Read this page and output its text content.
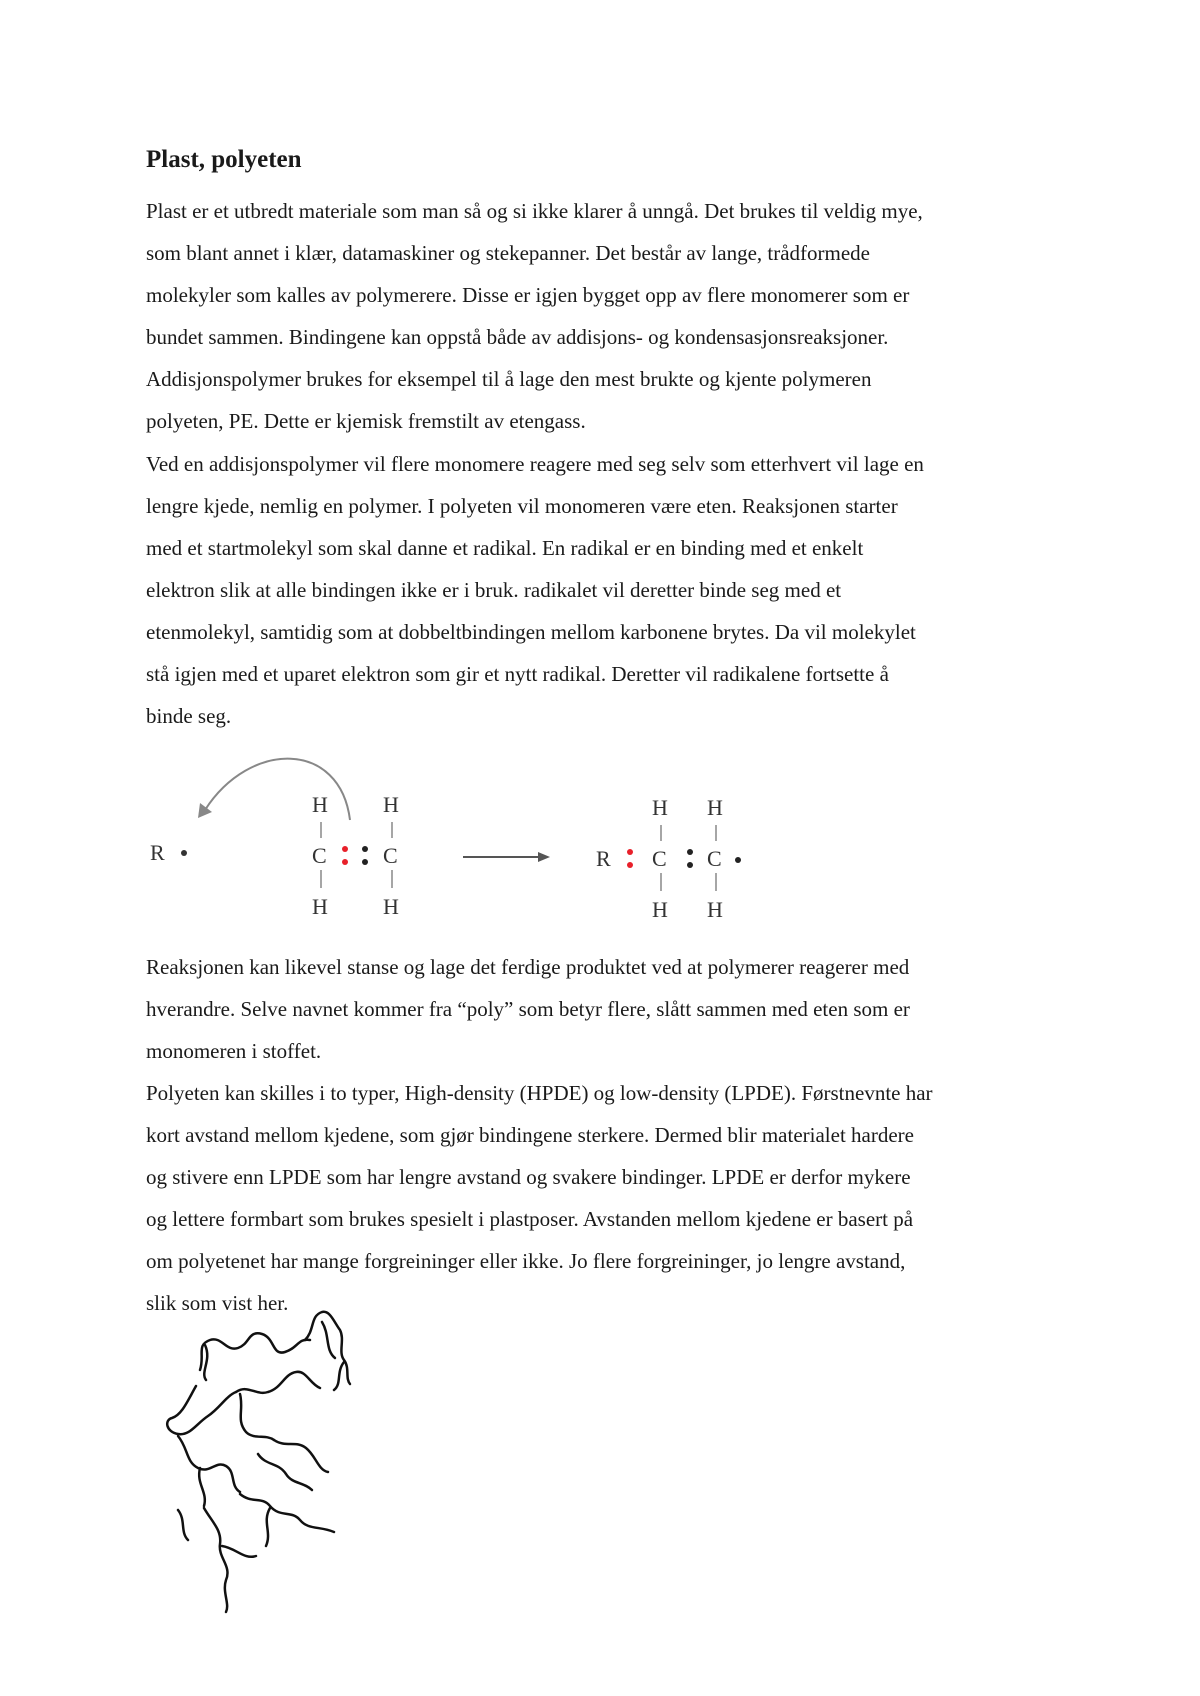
Plast, polyeten
Plast er et utbredt materiale som man så og si ikke klarer å unngå. Det brukes til veldig mye,
som blant annet i klær, datamaskiner og stekepanner. Det består av lange, trådformede
molekyler som kalles av polymerere. Disse er igjen bygget opp av flere monomerer som er
bundet sammen. Bindingene kan oppstå både av addisjons- og kondensasjonsreaksjoner.
Addisjonspolymer brukes for eksempel til å lage den mest brukte og kjente polymeren
polyeten, PE. Dette er kjemisk fremstilt av etengass.
Ved en addisjonspolymer vil flere monomere reagere med seg selv som etterhvert vil lage en
lengre kjede, nemlig en polymer. I polyeten vil monomeren være eten. Reaksjonen starter
med et startmolekyl som skal danne et radikal. En radikal er en binding med et enkelt
elektron slik at alle bindingen ikke er i bruk. radikalet vil deretter binde seg med et
etenmolekyl, samtidig som at dobbeltbindingen mellom karbonene brytes. Da vil molekylet
stå igjen med et uparet elektron som gir et nytt radikal. Deretter vil radikalene fortsette å
binde seg.
R
H
C
H
H
C
H
R
H
C
H
H
C
H
Reaksjonen kan likevel stanse og lage det ferdige produktet ved at polymerer reagerer med
hverandre. Selve navnet kommer fra “poly” som betyr flere, slått sammen med eten som er
monomeren i stoffet.
Polyeten kan skilles i to typer, High-density (HPDE) og low-density (LPDE). Førstnevnte har
kort avstand mellom kjedene, som gjør bindingene sterkere. Dermed blir materialet hardere
og stivere enn LPDE som har lengre avstand og svakere bindinger. LPDE er derfor mykere
og lettere formbart som brukes spesielt i plastposer. Avstanden mellom kjedene er basert på
om polyetenet har mange forgreininger eller ikke. Jo flere forgreininger, jo lengre avstand,
slik som vist her.
